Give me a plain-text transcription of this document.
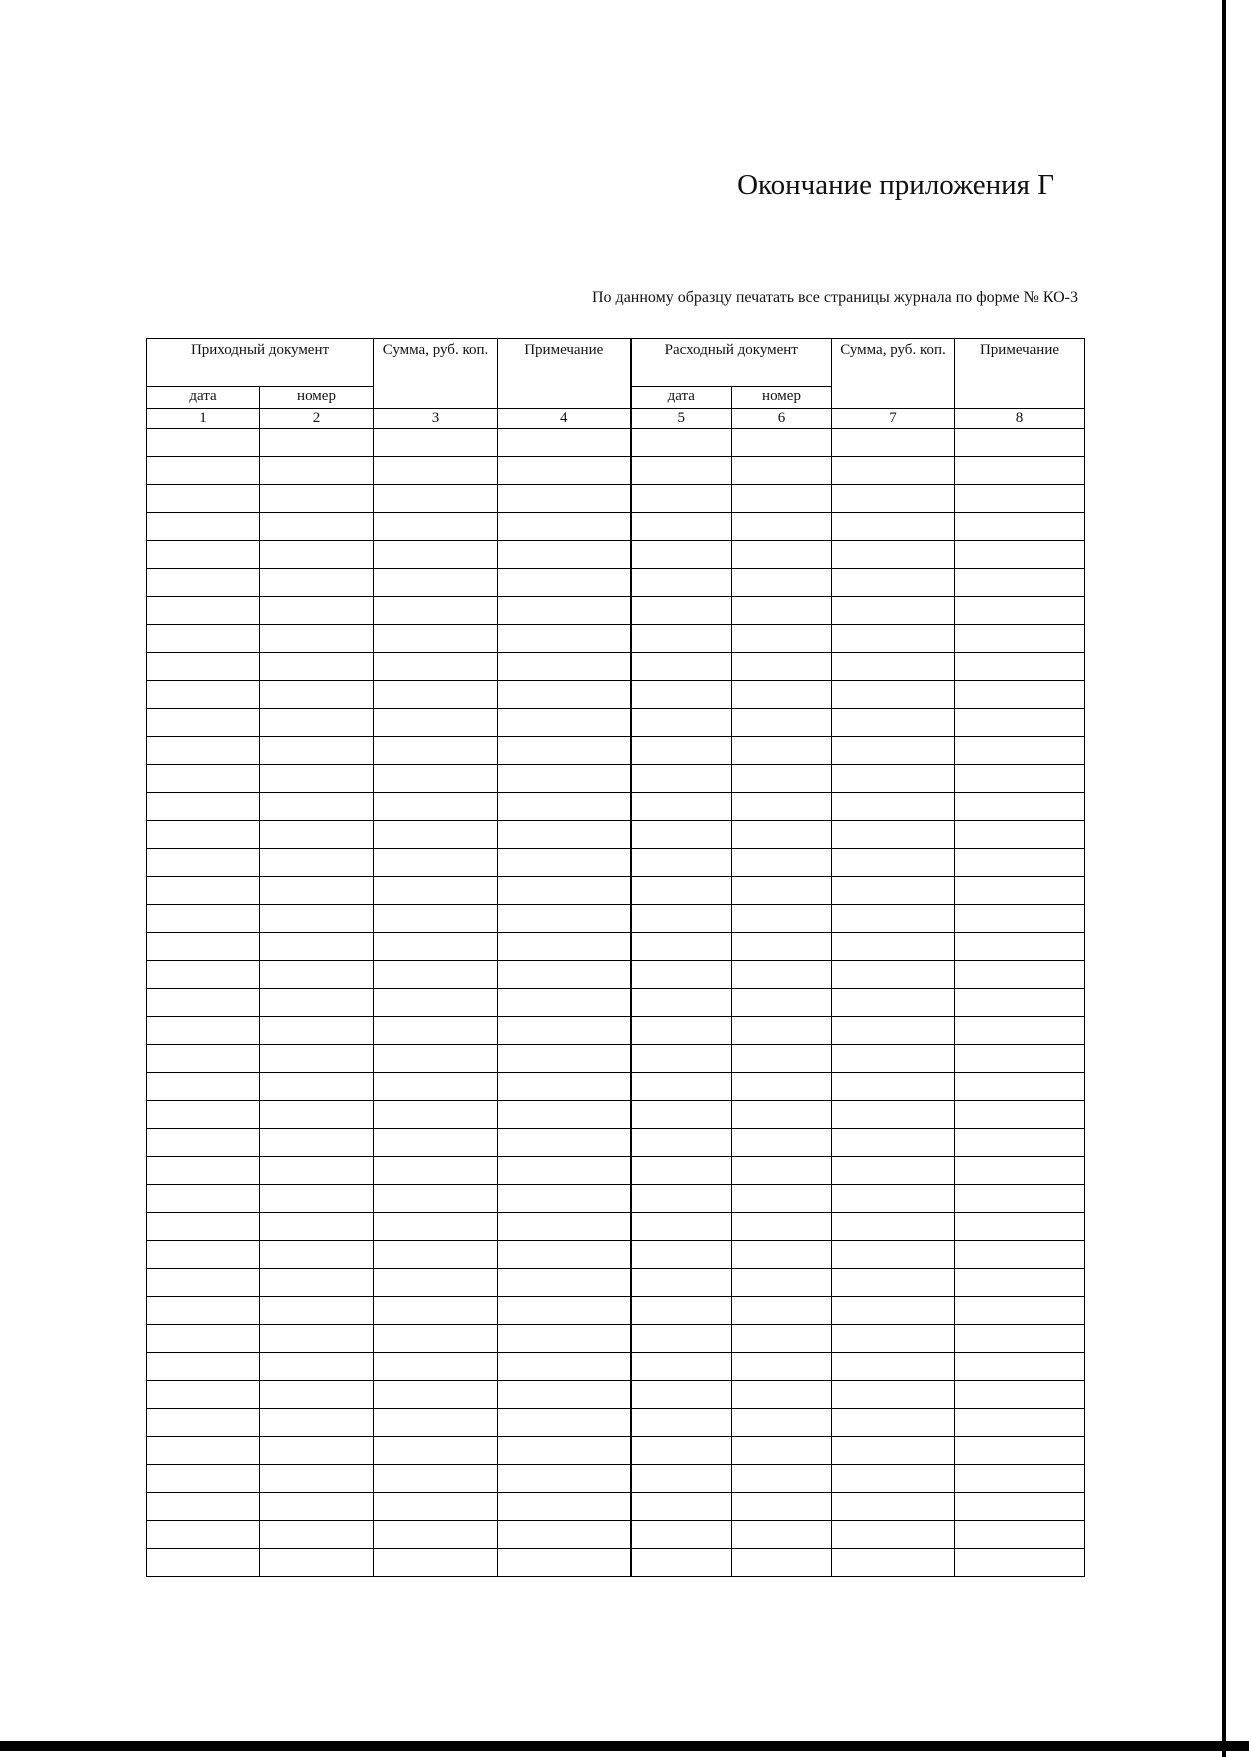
Окончание приложения Г
По данному образцу печатать все страницы журнала по форме № КО-3
Приходный документ		Сумма, руб. коп.	Примечание	Расходный документ		Сумма, руб. коп.	Примечание
дата	номер			дата	номер		
1	2	3	4	5	6	7	8
